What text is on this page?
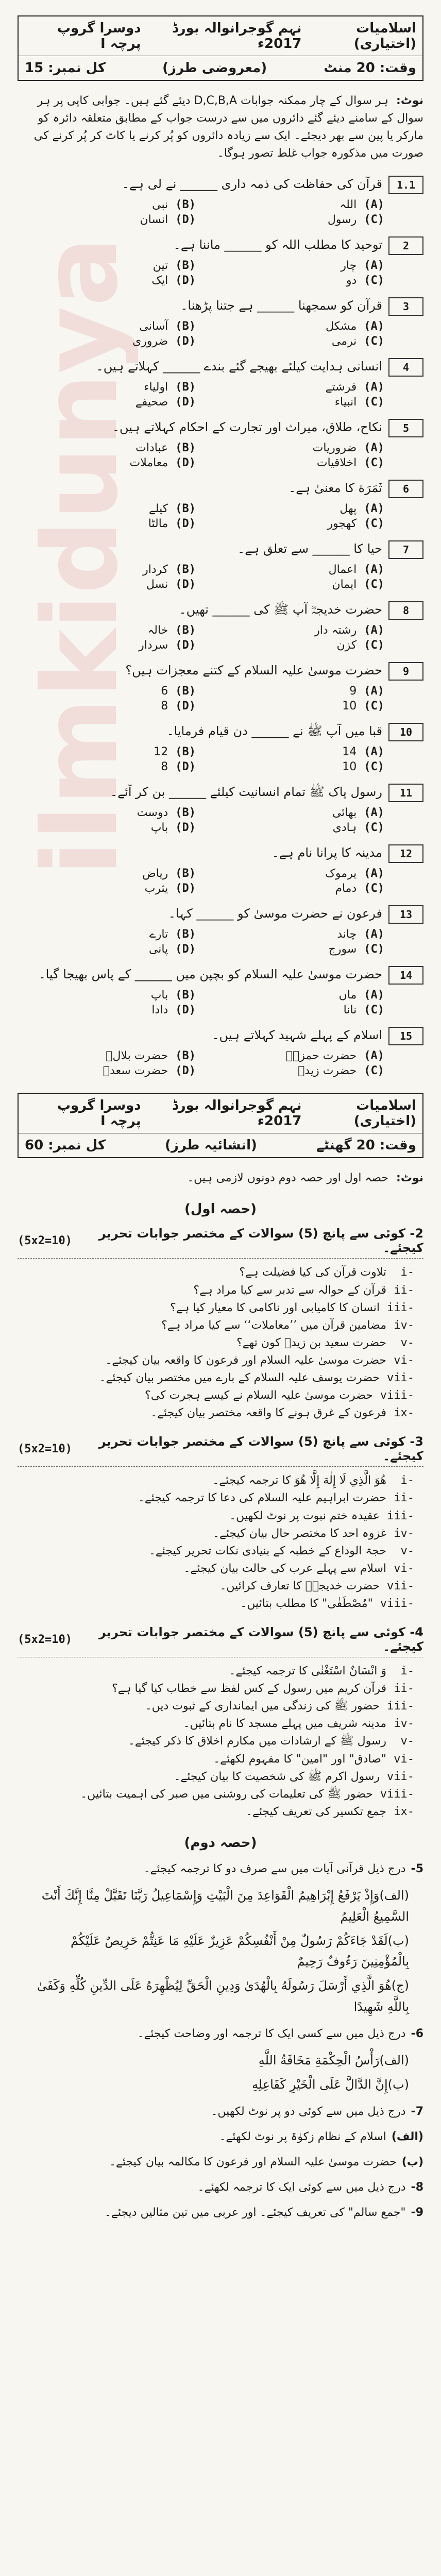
ilmkidunya
اسلامیات (اختیاری)
نہم گوجرانوالہ بورڈ 2017ء
دوسرا گروپ پرچہ I
وقت: 20 منٹ
(معروضی طرز)
کل نمبر: 15
نوٹ: ہر سوال کے چار ممکنہ جوابات D,C,B,A دیئے گئے ہیں۔ جوابی کاپی پر ہر سوال کے سامنے دیئے گئے دائروں میں سے درست جواب کے مطابق متعلقہ دائرہ کو مارکر یا پین سے بھر دیجئے۔ ایک سے زیادہ دائروں کو پُر کرنے یا کاٹ کر پُر کرنے کی صورت میں مذکورہ جواب غلط تصور ہوگا۔
1.1
قرآن کی حفاظت کی ذمہ داری ______ نے لی ہے۔
(A)
اللہ
(B)
نبی
(C)
رسول
(D)
انسان
2
توحید کا مطلب اللہ کو ______ ماننا ہے۔
(A)
چار
(B)
تین
(C)
دو
(D)
ایک
3
قرآن کو سمجھنا ______ ہے جتنا پڑھنا۔
(A)
مشکل
(B)
آسانی
(C)
نرمی
(D)
ضروری
4
انسانی ہدایت کیلئے بھیجے گئے بندے ______ کہلاتے ہیں۔
(A)
فرشتے
(B)
اولیاء
(C)
انبیاء
(D)
صحیفے
5
نکاح، طلاق، میراث اور تجارت کے احکام کہلاتے ہیں۔
(A)
ضروریات
(B)
عبادات
(C)
اخلاقیات
(D)
معاملات
6
ثَمَرَة کا معنیٰ ہے۔
(A)
پھل
(B)
کیلے
(C)
کھجور
(D)
مالٹا
7
حیا کا ______ سے تعلق ہے۔
(A)
اعمال
(B)
کردار
(C)
ایمان
(D)
نسل
8
حضرت خدیجہؓ آپ ﷺ کی ______ تھیں۔
(A)
رشتہ دار
(B)
خالہ
(C)
کزن
(D)
سردار
9
حضرت موسیٰ علیہ السلام کے کتنے معجزات ہیں؟
(A)
9
(B)
6
(C)
10
(D)
8
10
قبا میں آپ ﷺ نے ______ دن قیام فرمایا۔
(A)
14
(B)
12
(C)
10
(D)
8
11
رسول پاک ﷺ تمام انسانیت کیلئے ______ بن کر آئے۔
(A)
بھائی
(B)
دوست
(C)
ہادی
(D)
باپ
12
مدینہ کا پرانا نام ہے۔
(A)
یرموک
(B)
ریاض
(C)
دمام
(D)
یثرب
13
فرعون نے حضرت موسیٰ کو ______ کہا۔
(A)
چاند
(B)
تارے
(C)
سورج
(D)
پانی
14
حضرت موسیٰ علیہ السلام کو بچپن میں ______ کے پاس بھیجا گیا۔
(A)
ماں
(B)
باپ
(C)
نانا
(D)
دادا
15
اسلام کے پہلے شہید کہلاتے ہیں۔
(A)
حضرت حمزہؓ
(B)
حضرت بلالؓ
(C)
حضرت زیدؓ
(D)
حضرت سعدؓ
اسلامیات (اختیاری)
نہم گوجرانوالہ بورڈ 2017ء
دوسرا گروپ پرچہ I
وقت: 20 گھنٹے
(انشائیہ طرز)
کل نمبر: 60
نوٹ: حصہ اول اور حصہ دوم دونوں لازمی ہیں۔
(حصہ اول)
2- کوئی سے پانچ (5) سوالات کے مختصر جوابات تحریر کیجئے۔
(5x2=10)
i-
تلاوت قرآن کی کیا فضیلت ہے؟
ii-
قرآن کے حوالہ سے تدبر سے کیا مراد ہے؟
iii-
انسان کا کامیابی اور ناکامی کا معیار کیا ہے؟
iv-
مضامین قرآن میں ’’معاملات‘‘ سے کیا مراد ہے؟
v-
حضرت سعید بن زیدؓ کون تھے؟
vi-
حضرت موسیٰ علیہ السلام اور فرعون کا واقعہ بیان کیجئے۔
vii-
حضرت یوسف علیہ السلام کے بارے میں مختصر بیان کیجئے۔
viii-
حضرت موسیٰ علیہ السلام نے کیسے ہجرت کی؟
ix-
فرعون کے غرق ہونے کا واقعہ مختصر بیان کیجئے۔
3- کوئی سے پانچ (5) سوالات کے مختصر جوابات تحریر کیجئے۔
(5x2=10)
i-
هُوَ الَّذِي لَا إِلٰهَ إِلَّا هُوَ کا ترجمہ کیجئے۔
ii-
حضرت ابراہیم علیہ السلام کی دعا کا ترجمہ کیجئے۔
iii-
عقیدہ ختم نبوت پر نوٹ لکھیں۔
iv-
غزوہ احد کا مختصر حال بیان کیجئے۔
v-
حجۃ الوداع کے خطبہ کے بنیادی نکات تحریر کیجئے۔
vi-
اسلام سے پہلے عرب کی حالت بیان کیجئے۔
vii-
حضرت خدیجہؓ کا تعارف کرائیں۔
viii-
"مُصْطَفٰى" کا مطلب بتائیں۔
4- کوئی سے پانچ (5) سوالات کے مختصر جوابات تحریر کیجئے۔
(5x2=10)
i-
وَ انْسَانٌ اسْتَغْنٰى کا ترجمہ کیجئے۔
ii-
قرآن کریم میں رسول کے کس لفظ سے خطاب کیا گیا ہے؟
iii-
حضور ﷺ کی زندگی میں ایمانداری کے ثبوت دیں۔
iv-
مدینہ شریف میں پہلے مسجد کا نام بتائیں۔
v-
رسول ﷺ کے ارشادات میں مکارم اخلاق کا ذکر کیجئے۔
vi-
"صادق" اور "امین" کا مفہوم لکھئے۔
vii-
رسول اکرم ﷺ کی شخصیت کا بیان کیجئے۔
viii-
حضور ﷺ کی تعلیمات کی روشنی میں صبر کی اہمیت بتائیں۔
ix-
جمع تکسیر کی تعریف کیجئے۔
(حصہ دوم)
5-درج ذیل قرآنی آیات میں سے صرف دو کا ترجمہ کیجئے۔
(الف)وَإِذْ يَرْفَعُ إِبْرَاهِيمُ الْقَوَاعِدَ مِنَ الْبَيْتِ وَإِسْمَاعِيلُ رَبَّنَا تَقَبَّلْ مِنَّا إِنَّكَ أَنْتَ السَّمِيعُ الْعَلِيمُ
(ب)لَقَدْ جَاءَكُمْ رَسُولٌ مِنْ أَنْفُسِكُمْ عَزِيزٌ عَلَيْهِ مَا عَنِتُّمْ حَرِيصٌ عَلَيْكُمْ بِالْمُؤْمِنِينَ رَءُوفٌ رَحِيمٌ
(ج)هُوَ الَّذِي أَرْسَلَ رَسُولَهُ بِالْهُدَىٰ وَدِينِ الْحَقِّ لِيُظْهِرَهُ عَلَى الدِّينِ كُلِّهِ وَكَفَىٰ بِاللَّهِ شَهِيدًا
6-درج ذیل میں سے کسی ایک کا ترجمہ اور وضاحت کیجئے۔
(الف)رَأْسُ الْحِكْمَةِ مَخَافَةُ اللَّهِ
(ب)إِنَّ الدَّالَّ عَلَى الْخَيْرِ كَفَاعِلِهِ
7-درج ذیل میں سے کوئی دو پر نوٹ لکھیں۔
(الف)اسلام کے نظام زکوٰۃ پر نوٹ لکھئے۔
(ب)حضرت موسیٰ علیہ السلام اور فرعون کا مکالمہ بیان کیجئے۔
8-درج ذیل میں سے کوئی ایک کا ترجمہ لکھئے۔
9-"جمع سالم" کی تعریف کیجئے۔ اور عربی میں تین مثالیں دیجئے۔
